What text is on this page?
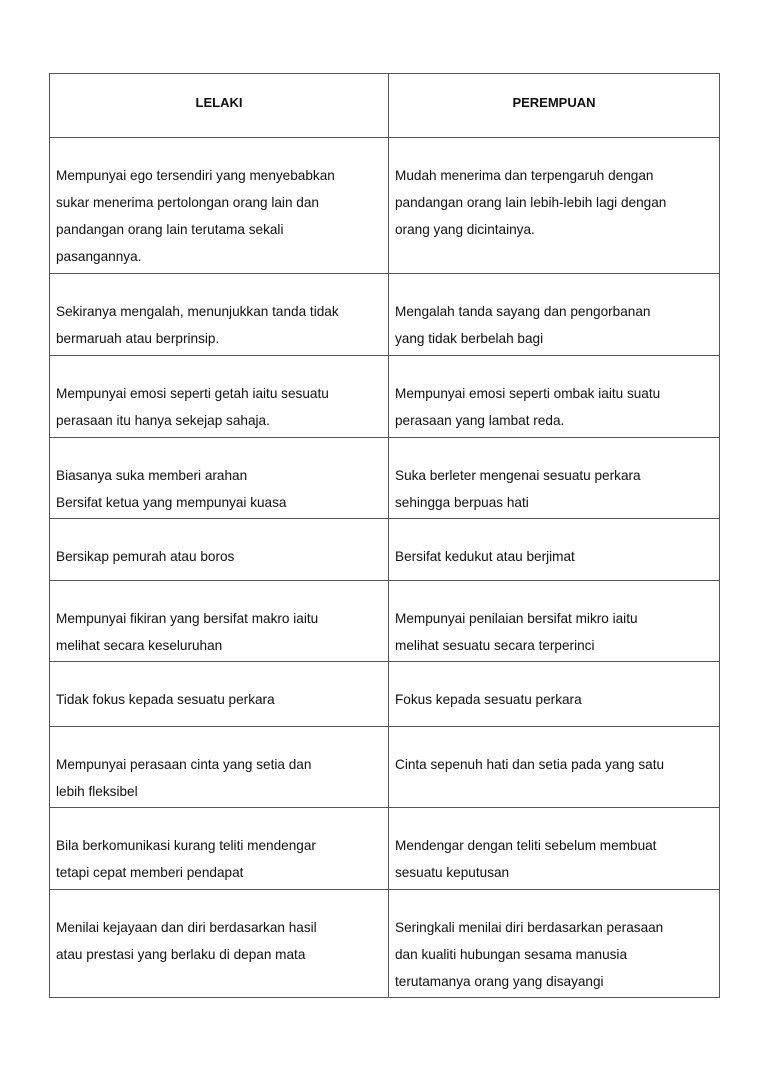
LELAKI	PEREMPUAN

Mempunyai ego tersendiri yang menyebabkan
sukar menerima pertolongan orang lain dan
pandangan orang lain terutama sekali
pasangannya.	Mudah menerima dan terpengaruh dengan
pandangan orang lain lebih-lebih lagi dengan
orang yang dicintainya.

Sekiranya mengalah, menunjukkan tanda tidak
bermaruah atau berprinsip.	Mengalah tanda sayang dan pengorbanan
yang tidak berbelah bagi

Mempunyai emosi seperti getah iaitu sesuatu
perasaan itu hanya sekejap sahaja.	Mempunyai emosi seperti ombak iaitu suatu
perasaan yang lambat reda.

Biasanya suka memberi arahan
Bersifat ketua yang mempunyai kuasa	Suka berleter mengenai sesuatu perkara
sehingga berpuas hati

Bersikap pemurah atau boros	Bersifat kedukut atau berjimat

Mempunyai fikiran yang bersifat makro iaitu
melihat secara keseluruhan	Mempunyai penilaian bersifat mikro iaitu
melihat sesuatu secara terperinci

Tidak fokus kepada sesuatu perkara	Fokus kepada sesuatu perkara

Mempunyai perasaan cinta yang setia dan
lebih fleksibel	Cinta sepenuh hati dan setia pada yang satu

Bila berkomunikasi kurang teliti mendengar
tetapi cepat memberi pendapat	Mendengar dengan teliti sebelum membuat
sesuatu keputusan

Menilai kejayaan dan diri berdasarkan hasil
atau prestasi yang berlaku di depan mata	Seringkali menilai diri berdasarkan perasaan
dan kualiti hubungan sesama manusia
terutamanya orang yang disayangi
